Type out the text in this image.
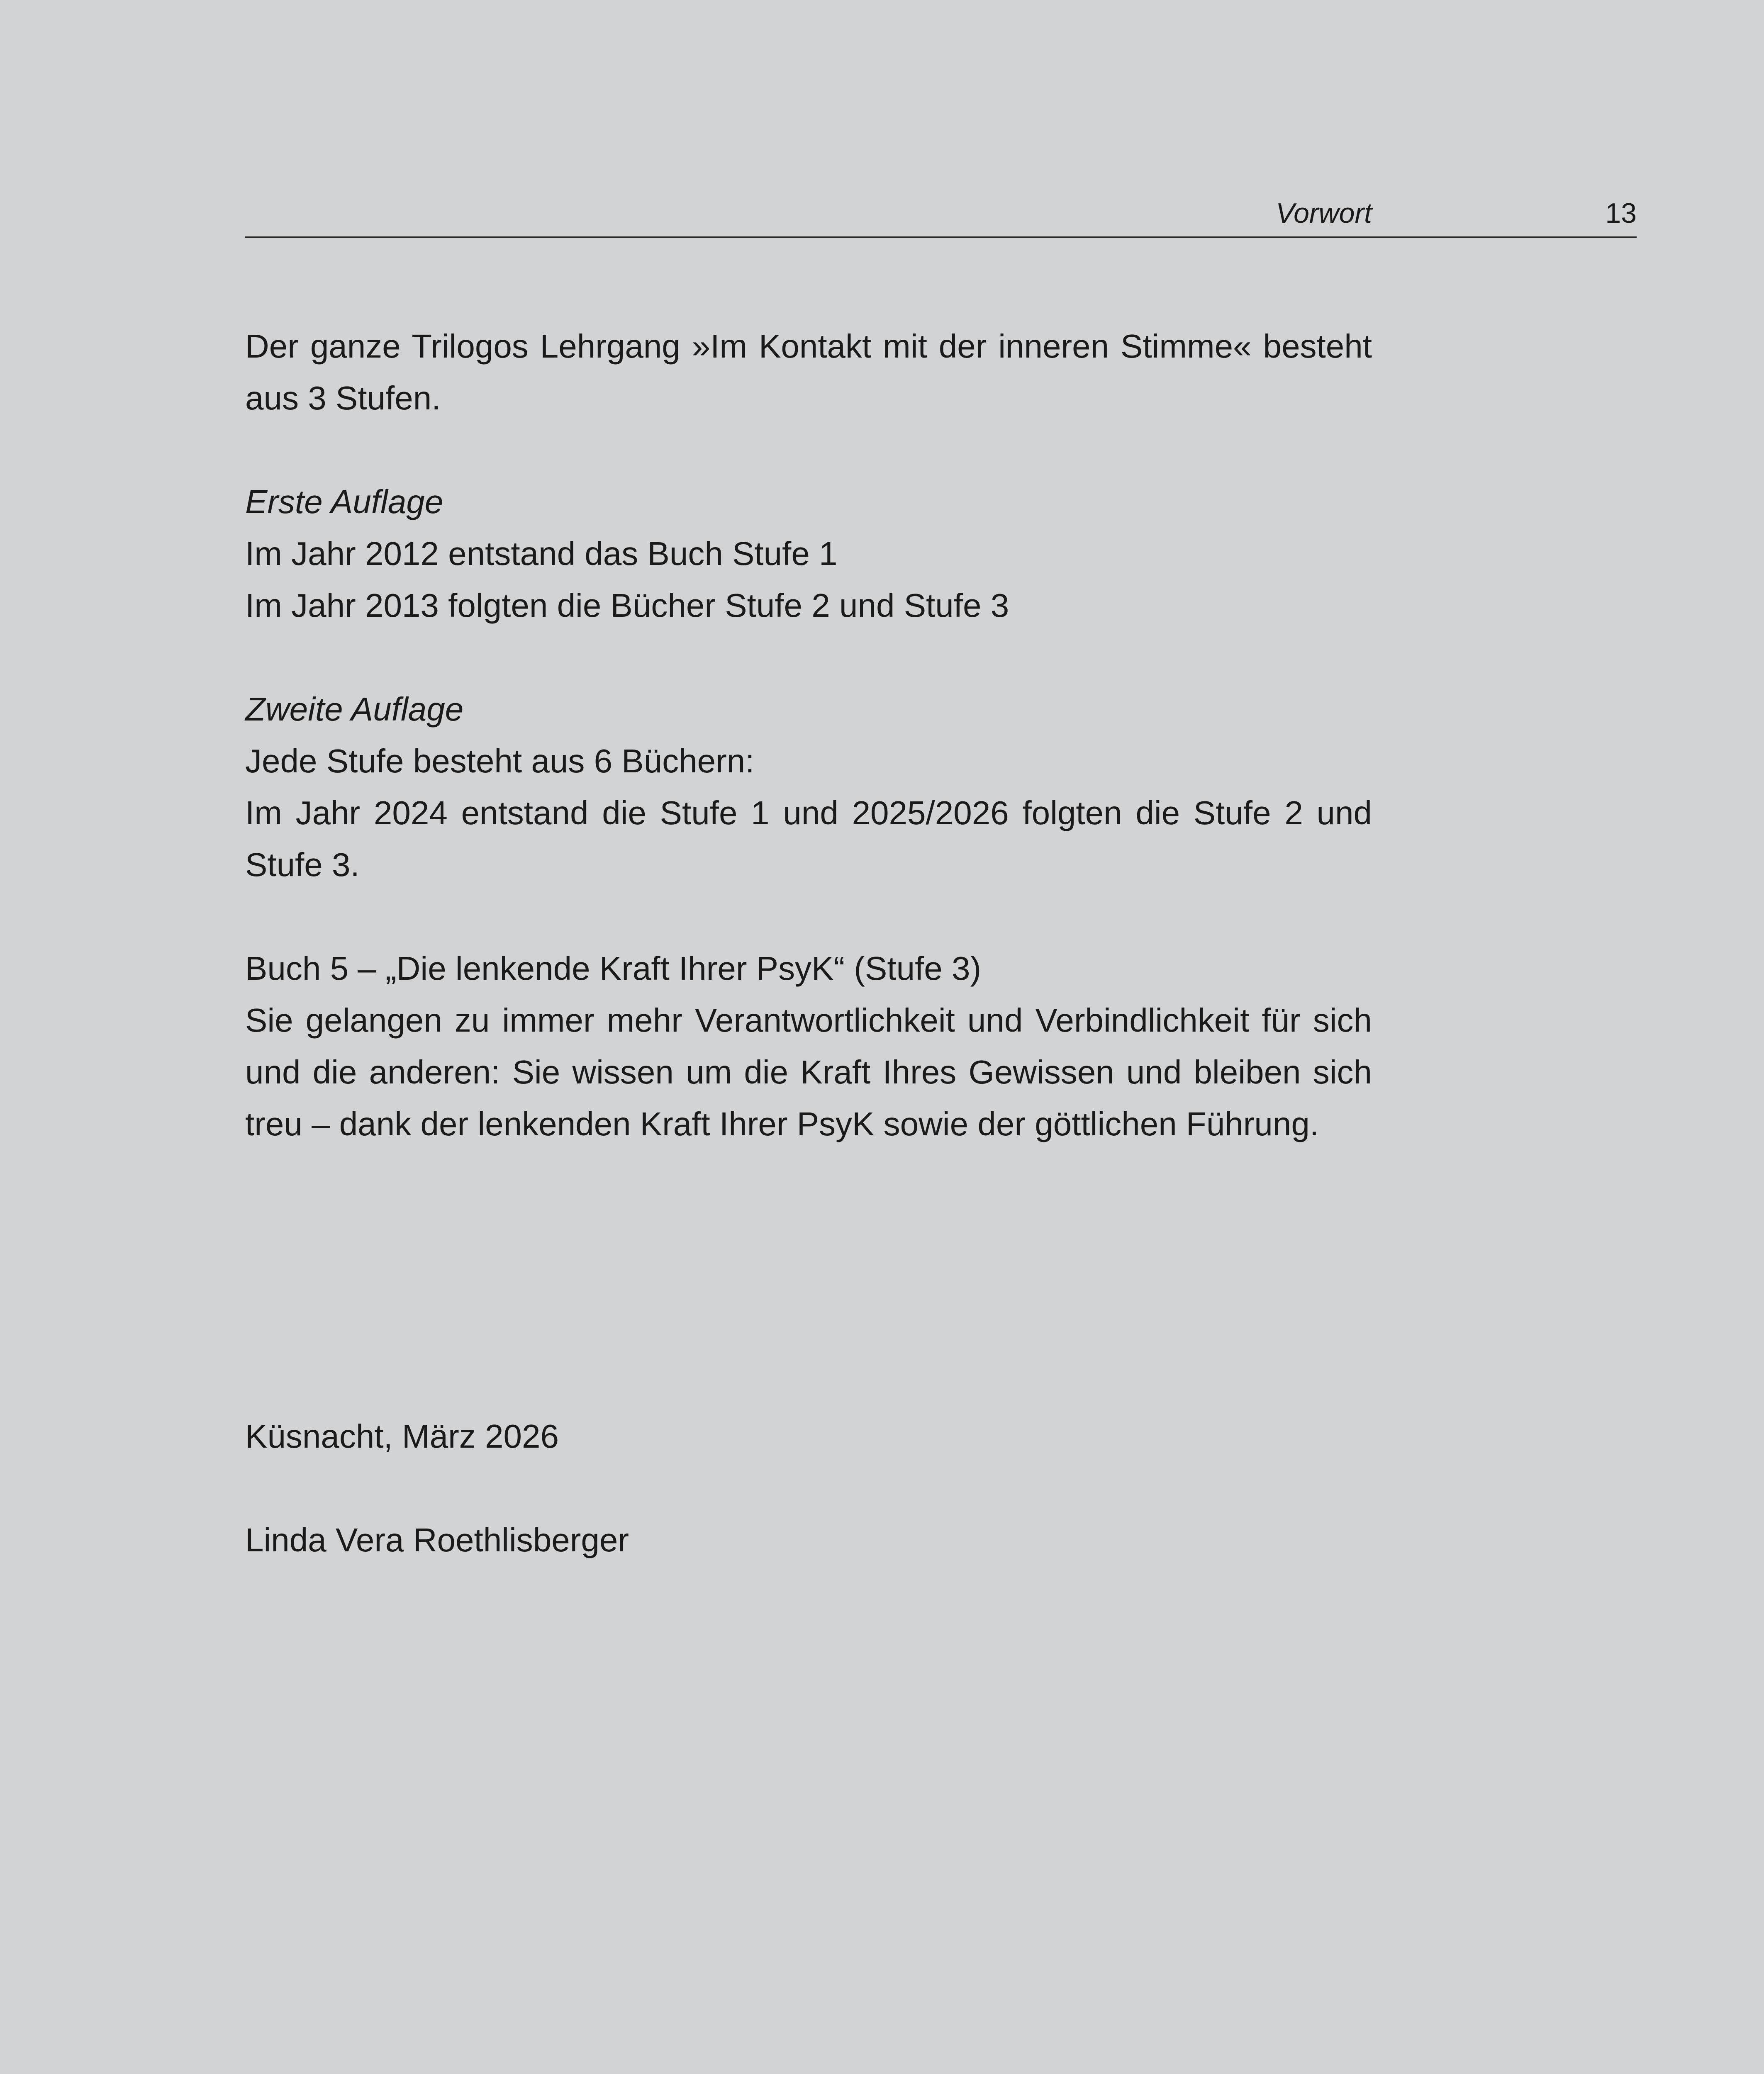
Vorwort	13

Der ganze Trilogos Lehrgang »Im Kontakt mit der inneren Stimme« besteht aus 3 Stufen.

Erste Auflage

Im Jahr 2012 entstand das Buch Stufe 1

Im Jahr 2013 folgten die Bücher Stufe 2 und Stufe 3

Zweite Auflage

Jede Stufe besteht aus 6 Büchern:

Im Jahr 2024 entstand die Stufe 1 und 2025/2026 folgten die Stufe 2 und Stufe 3.

Buch 5 – „Die lenkende Kraft Ihrer PsyK“ (Stufe 3)

Sie gelangen zu immer mehr Verantwortlichkeit und Verbindlichkeit für sich und die anderen: Sie wissen um die Kraft Ihres Gewissen und bleiben sich treu – dank der lenkenden Kraft Ihrer PsyK sowie der göttlichen Führung.

Küsnacht, März 2026

Linda Vera Roethlisberger
